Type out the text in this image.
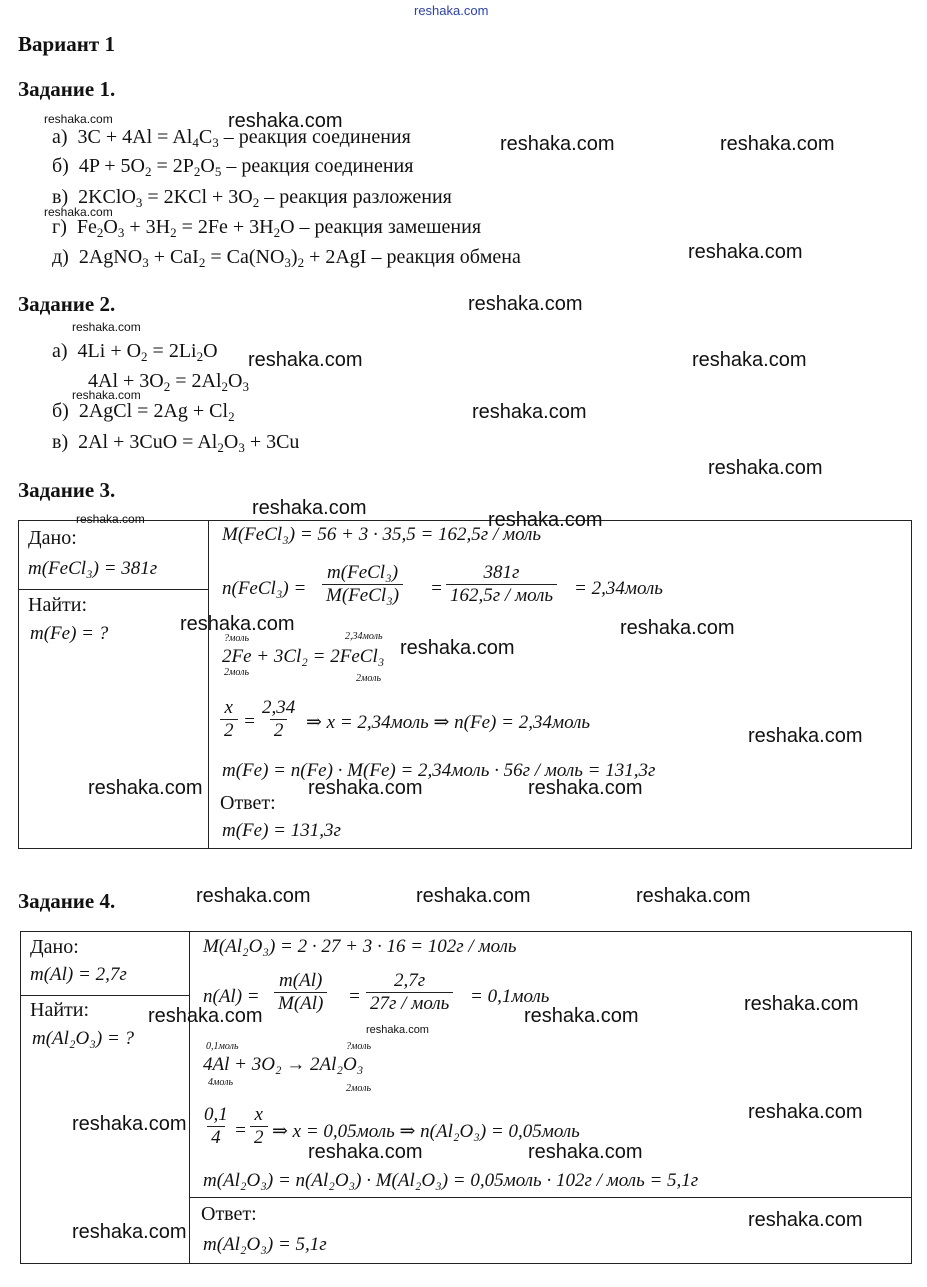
reshaka.com
Вариант 1
Задание 1.
а) $3C + 4Al = Al_4C_3$ – реакция соединения
б) $4P + 5O_2 = 2P_2O_5$ – реакция соединения
в) 2KClO$_3$ = $2KCl + 3O_2$ – реакция разложения
г) $Fe_2O_3 + 3H_2 = 2Fe + 3H_2O$ – реакция замешения
д) 2AgNO$_3$ + $CaI_2 = Ca(NO_3)_2 + 2AgI$ – реакция обмена
Задание 2.
а) $4Li + O_2 = 2Li_2O$
$4Al + 3O_2 = 2Al_2O_3$
б) 2AgCl = $2Ag + Cl_2$
в) $2Al + 3CuO = Al_2O_3 + 3Cu$
Задание 3.
Дано:
m(FeCl₃) = 381г
Найти:
m(Fe) = ?
M(FeCl₃) = 56 + 3 · 35,5 = 162,5г / моль
n(FeCl₃) =
m(FeCl₃)
M(FeCl₃) =
381г
162,5г / моль = 2,34моль
?моль	2,34моль
2Fe + 3Cl₂ = 2FeCl₃
2моль
2моль
x
2 =
2,34
2 ⇒ x = 2,34моль ⇒ n(Fe) = 2,34моль
m(Fe) = n(Fe) · M(Fe) = 2,34моль · 56г / моль = 131,3г
Ответ:
m(Fe) = 131,3г
Задание 4.
Дано:
m(Al) = 2,7г
Найти:
m(Al₂O₃) = ?
M(Al₂O₃) = 2 · 27 + 3 · 16 = 102г / моль
n(Al) =
m(Al)
M(Al) =
2,7г
27г / моль = 0,1моль
0,1моль	?моль
4Al + 3O₂ → 2Al₂O₃
4моль
2моль
0,1
4 =
x
2 ⇒ x = 0,05моль ⇒ n(Al₂O₃) = 0,05моль
m(Al₂O₃) = n(Al₂O₃) · M(Al₂O₃) = 0,05моль · 102г / моль = 5,1г
Ответ:
m(Al₂O₃) = 5,1г
reshaka.com
reshaka.com	reshaka.com
reshaka.com
reshaka.com
reshaka.com	reshaka.com
reshaka.com
reshaka.com
reshaka.com
reshaka.com
reshaka.com	reshaka.com
reshaka.com
reshaka.com
reshaka.com	reshaka.com	reshaka.com
reshaka.com	reshaka.com	reshaka.com
reshaka.com
reshaka.com	reshaka.com
reshaka.com
reshaka.com
reshaka.com	reshaka.com
reshaka.com
reshaka.com
reshaka.com
reshaka.com
reshaka.com
reshaka.com
reshaka.com
reshaka.com
